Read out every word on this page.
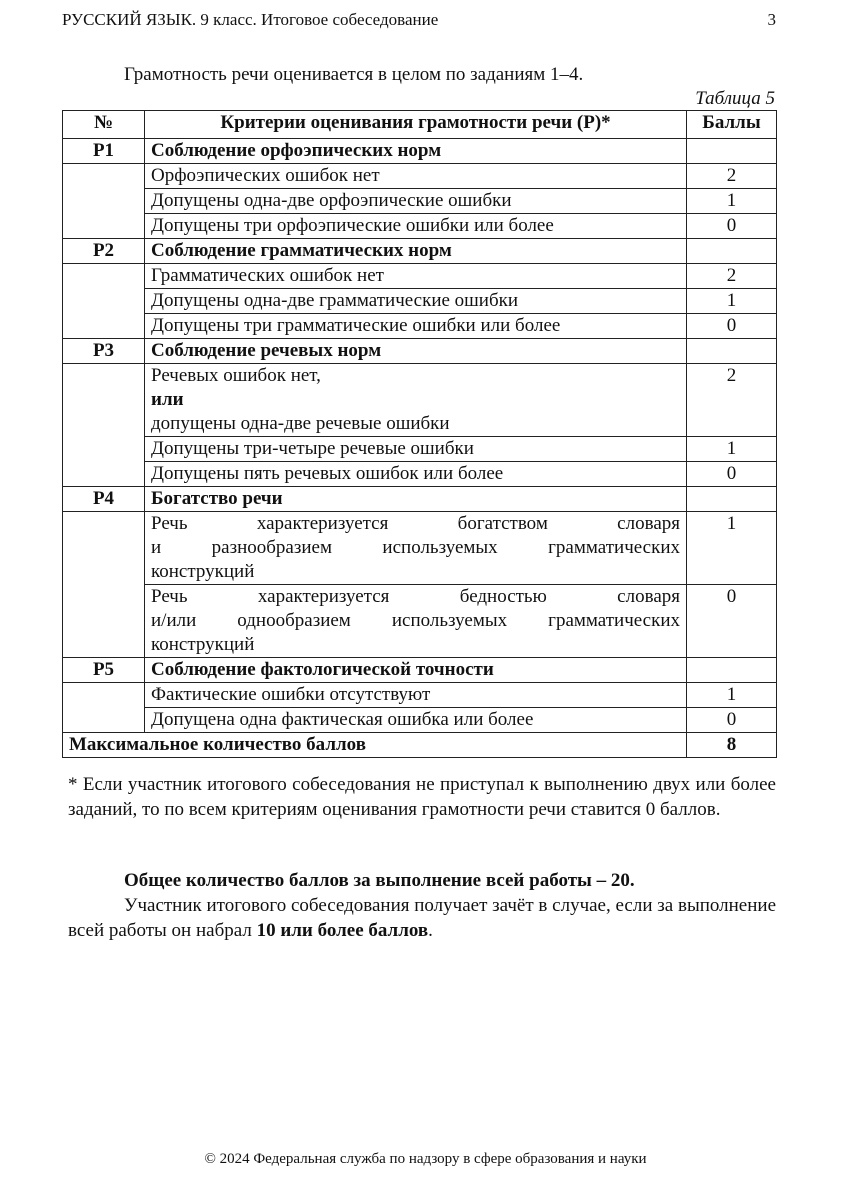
РУССКИЙ ЯЗЫК. 9 класс. Итоговое собеседование	3
Грамотность речи оценивается в целом по заданиям 1–4.
Таблица 5
№	Критерии оценивания грамотности речи (Р)*	Баллы
Р1	Соблюдение орфоэпических норм	
	Орфоэпических ошибок нет	2
	Допущены одна-две орфоэпические ошибки	1
	Допущены три орфоэпические ошибки или более	0
Р2	Соблюдение грамматических норм	
	Грамматических ошибок нет	2
	Допущены одна-две грамматические ошибки	1
	Допущены три грамматические ошибки или более	0
Р3	Соблюдение речевых норм	

	Речевых ошибок нет,
или
допущены одна-две речевые ошибки	2
	Допущены три-четыре речевые ошибки	1
	Допущены пять речевых ошибок или более	0
Р4	Богатство речи	

	Речь характеризуется богатством словаря
и разнообразием используемых грамматических
конструкций	1

	Речь характеризуется бедностью словаря
и/или однообразием используемых грамматических
конструкций	0
Р5	Соблюдение фактологической точности	
	Фактические ошибки отсутствуют	1
	Допущена одна фактическая ошибка или более	0
Максимальное количество баллов		8
* Если участник итогового собеседования не приступал к выполнению двух или более заданий, то по всем критериям оценивания грамотности речи ставится 0 баллов.
Общее количество баллов за выполнение всей работы – 20.
Участник итогового собеседования получает зачёт в случае, если за выполнение всей работы он набрал 10 или более баллов.
© 2024 Федеральная служба по надзору в сфере образования и науки
